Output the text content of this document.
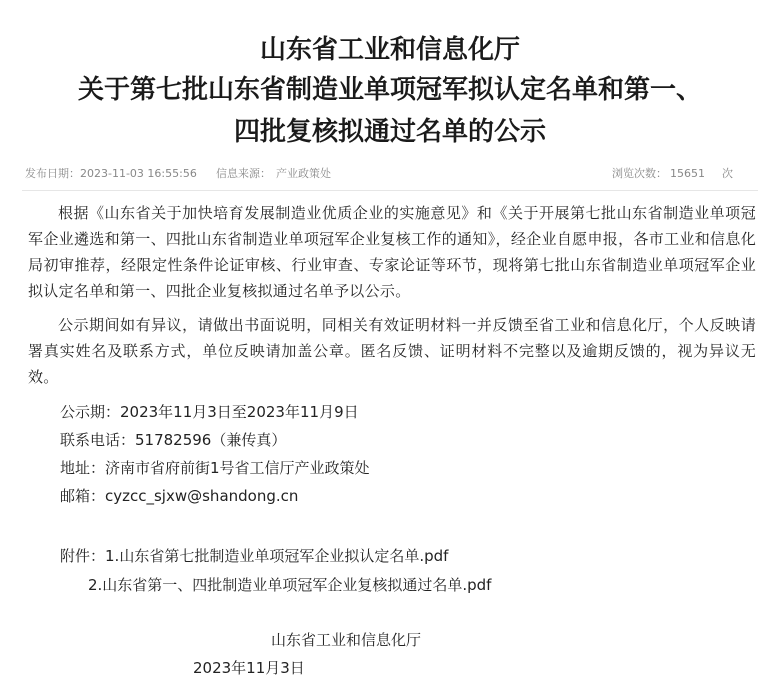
山东省工业和信息化厅
关于第七批山东省制造业单项冠军拟认定名单和第一、
四批复核拟通过名单的公示
发布日期： 2023-11-03 16:55:56 信息来源： 产业政策处	浏览次数： 15651 次

根据《山东省关于加快培育发展制造业优质企业的实施意见》和《关于开展第七批山东省制造业单项冠军企业遴选和第一、四批山东省制造业单项冠军企业复核工作的通知》，经企业自愿申报，各市工业和信息化局初审推荐，经限定性条件论证审核、行业审查、专家论证等环节，现将第七批山东省制造业单项冠军企业拟认定名单和第一、四批企业复核拟通过名单予以公示。

公示期间如有异议，请做出书面说明，同相关有效证明材料一并反馈至省工业和信息化厅，个人反映请署真实姓名及联系方式，单位反映请加盖公章。匿名反馈、证明材料不完整以及逾期反馈的，视为异议无效。

公示期：2023年11月3日至2023年11月9日
联系电话：51782596（兼传真）
地址：济南市省府前街1号省工信厅产业政策处
邮箱：cyzcc_sjxw@shandong.cn
附件：1.山东省第七批制造业单项冠军企业拟认定名单.pdf
2.山东省第一、四批制造业单项冠军企业复核拟通过名单.pdf
山东省工业和信息化厅
2023年11月3日
